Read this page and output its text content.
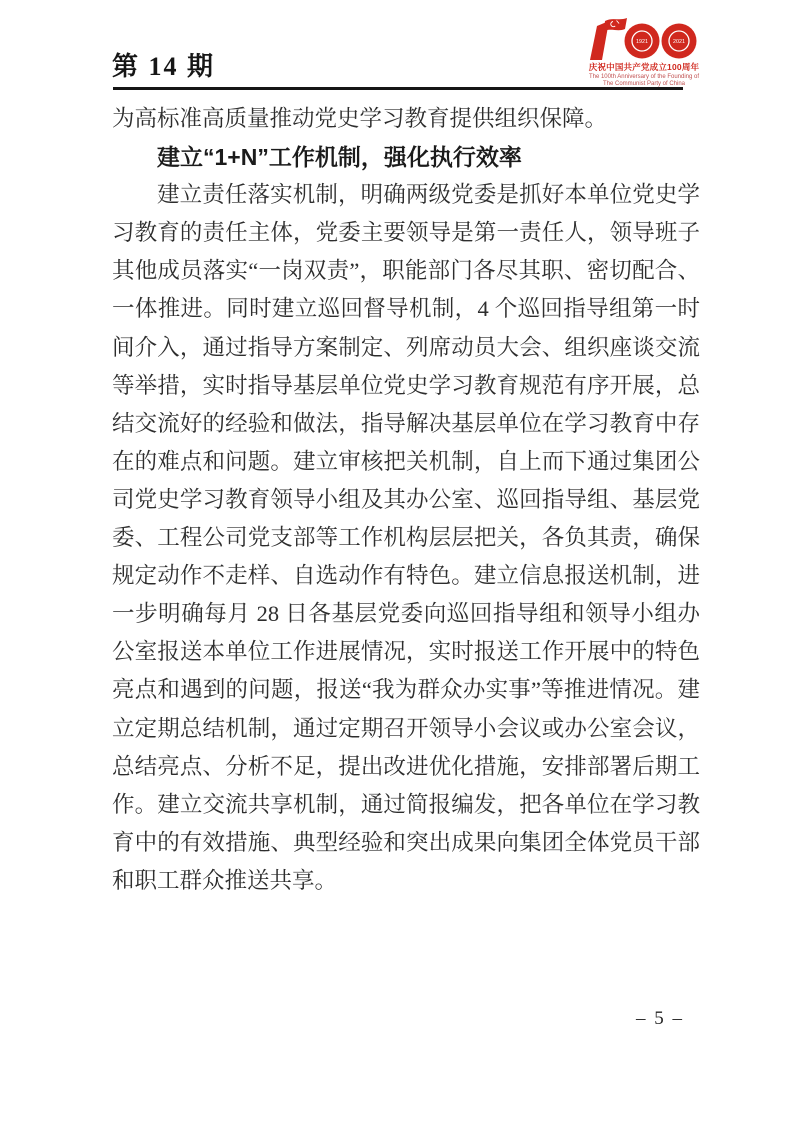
第 14 期
1921	2021
庆祝中国共产党成立100周年
The 100th Anniversary of the Founding of
The Communist Party of China

为高标准高质量推动党史学习教育提供组织保障。

建立“1+N”工作机制，强化执行效率

建立责任落实机制，明确两级党委是抓好本单位党史学习教育的责任主体，党委主要领导是第一责任人，领导班子其他成员落实“一岗双责”，职能部门各尽其职、密切配合、一体推进。同时建立巡回督导机制，4 个巡回指导组第一时间介入，通过指导方案制定、列席动员大会、组织座谈交流等举措，实时指导基层单位党史学习教育规范有序开展，总结交流好的经验和做法，指导解决基层单位在学习教育中存在的难点和问题。建立审核把关机制，自上而下通过集团公司党史学习教育领导小组及其办公室、巡回指导组、基层党委、工程公司党支部等工作机构层层把关，各负其责，确保规定动作不走样、自选动作有特色。建立信息报送机制，进一步明确每月 28 日各基层党委向巡回指导组和领导小组办公室报送本单位工作进展情况，实时报送工作开展中的特色亮点和遇到的问题，报送“我为群众办实事”等推进情况。建立定期总结机制，通过定期召开领导小会议或办公室会议，总结亮点、分析不足，提出改进优化措施，安排部署后期工作。建立交流共享机制，通过简报编发，把各单位在学习教育中的有效措施、典型经验和突出成果向集团全体党员干部和职工群众推送共享。

– 5 –
